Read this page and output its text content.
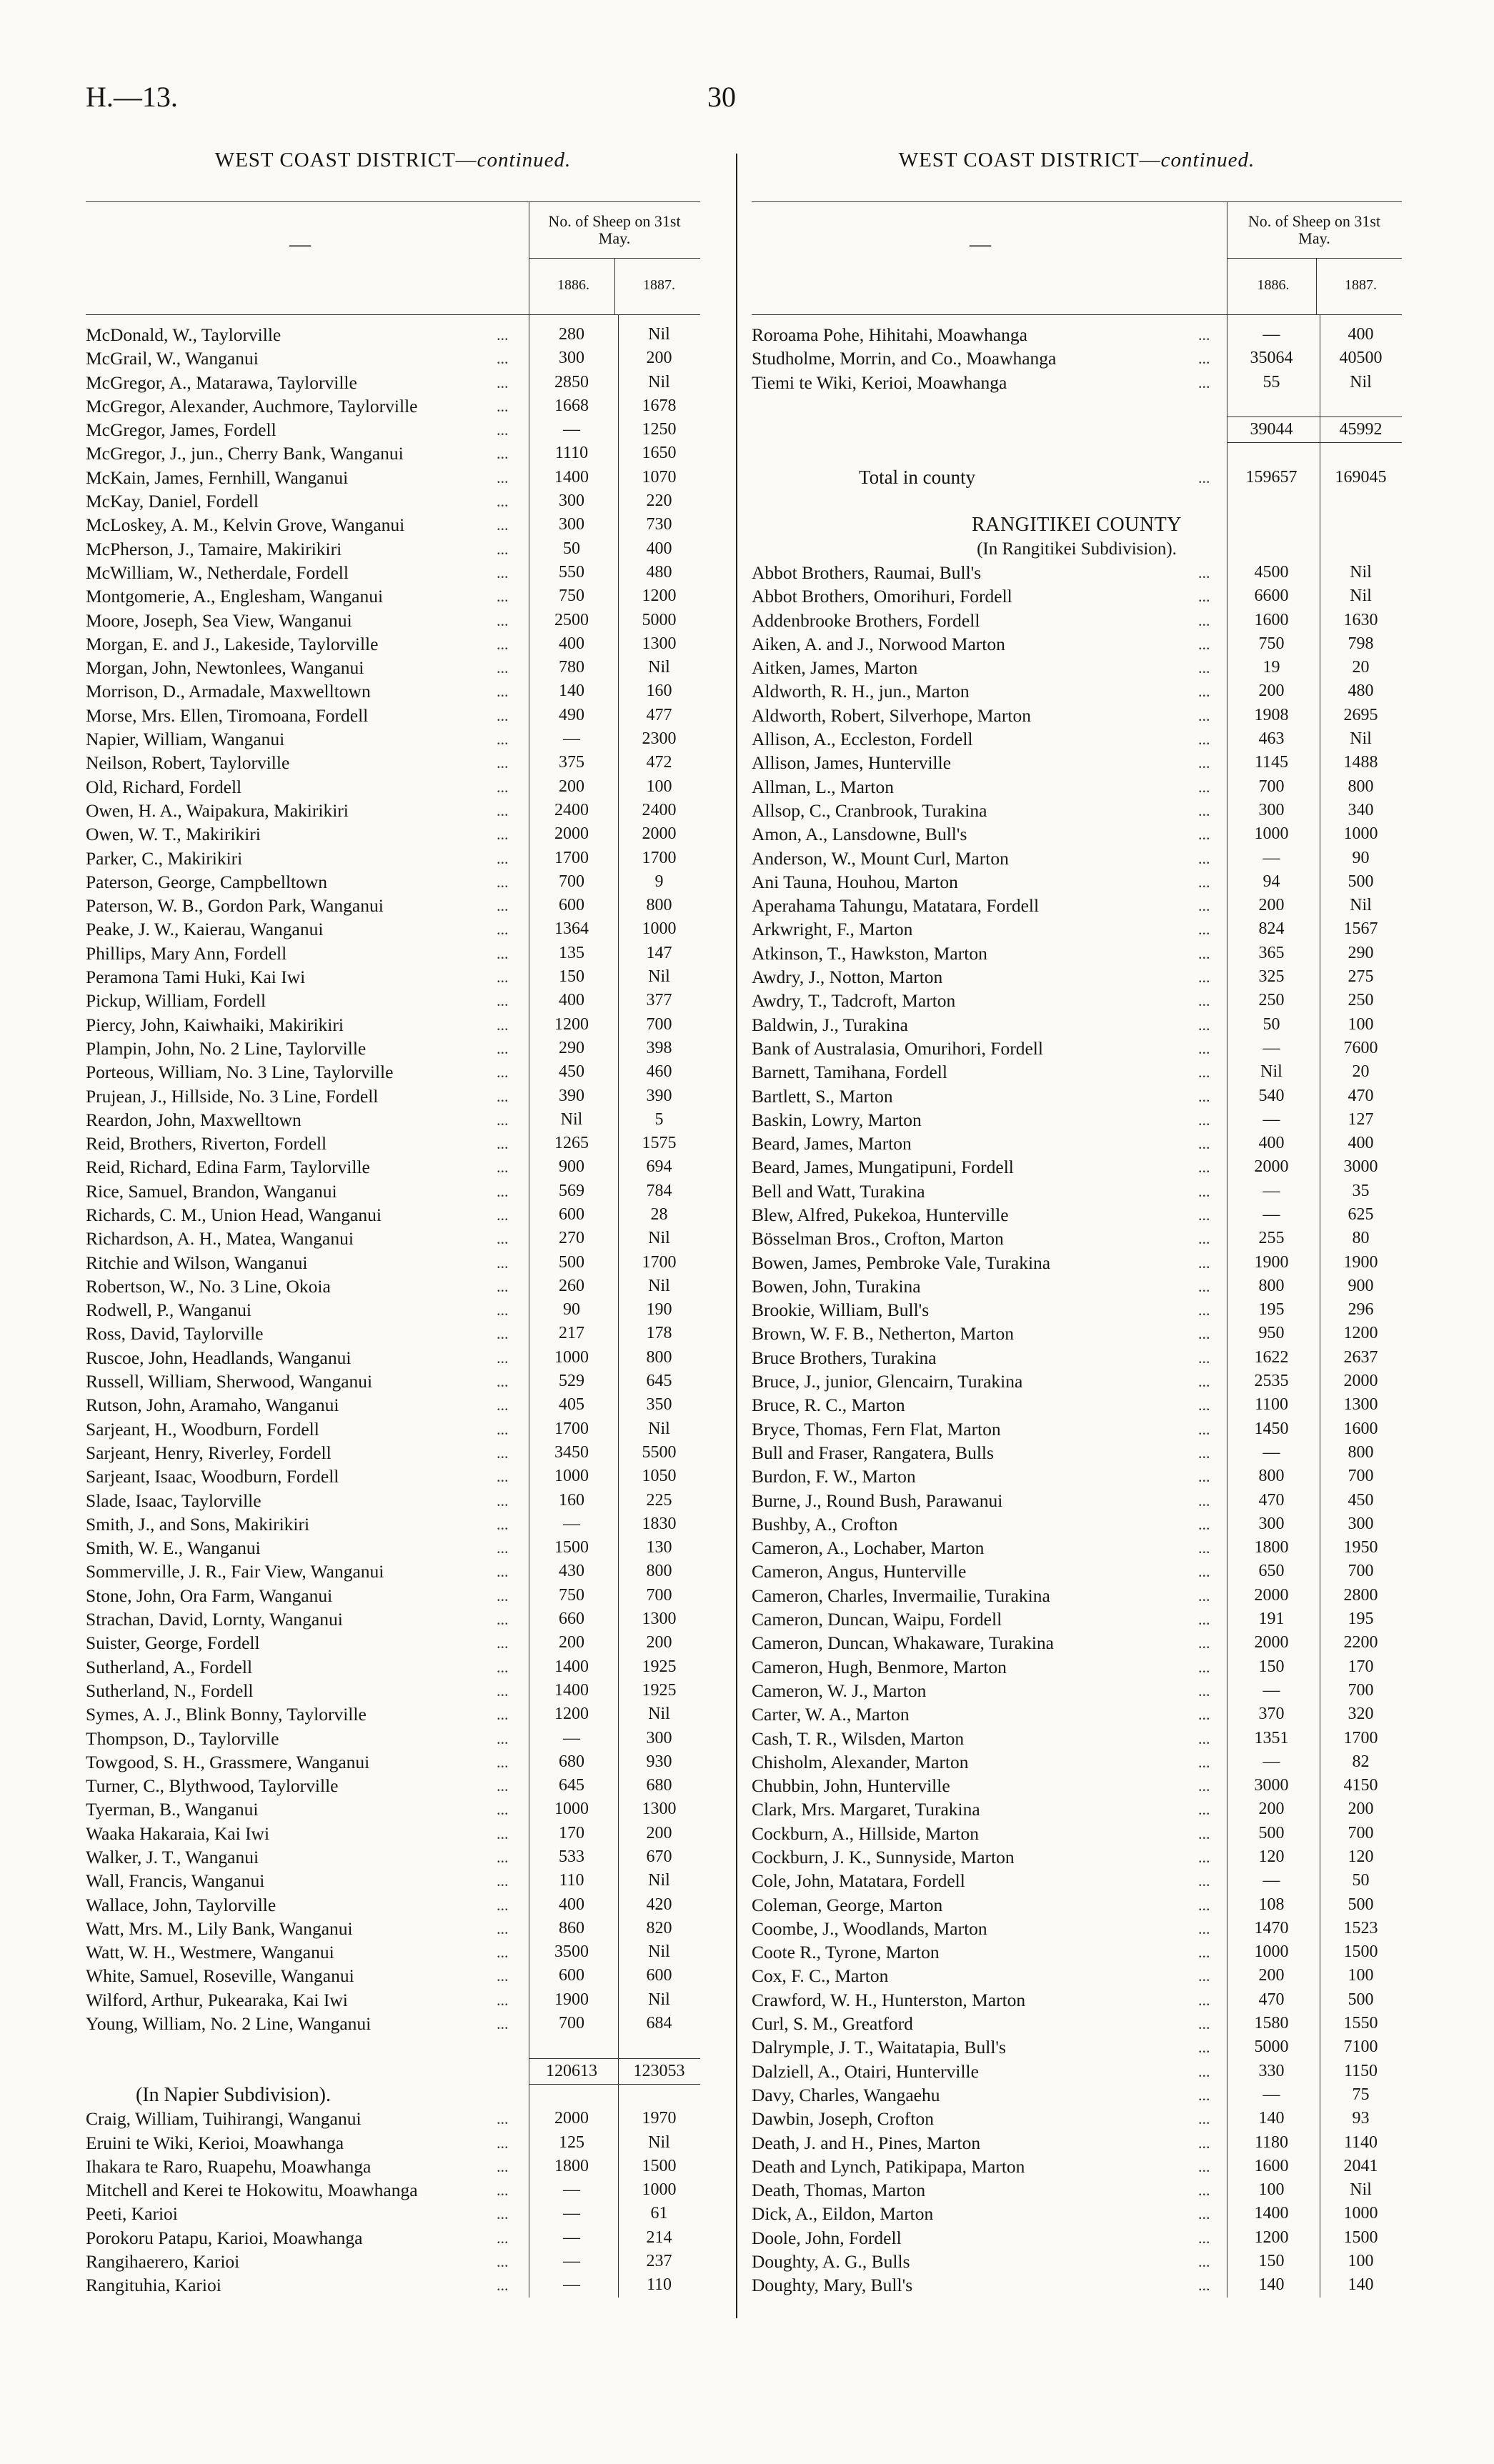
H.—13.	30
WEST COAST DISTRICT—continued.
—
No. of Sheep on 31st May.
1886.	1887.
McDonald, W., Taylorville	...	280	Nil
McGrail, W., Wanganui	...	300	200
McGregor, A., Matarawa, Taylorville	...	2850	Nil
McGregor, Alexander, Auchmore, Taylorville	...	1668	1678
McGregor, James, Fordell	...	—	1250
McGregor, J., jun., Cherry Bank, Wanganui	...	1110	1650
McKain, James, Fernhill, Wanganui	...	1400	1070
McKay, Daniel, Fordell	...	300	220
McLoskey, A. M., Kelvin Grove, Wanganui	...	300	730
McPherson, J., Tamaire, Makirikiri	...	50	400
McWilliam, W., Netherdale, Fordell	...	550	480
Montgomerie, A., Englesham, Wanganui	...	750	1200
Moore, Joseph, Sea View, Wanganui	...	2500	5000
Morgan, E. and J., Lakeside, Taylorville	...	400	1300
Morgan, John, Newtonlees, Wanganui	...	780	Nil
Morrison, D., Armadale, Maxwelltown	...	140	160
Morse, Mrs. Ellen, Tiromoana, Fordell	...	490	477
Napier, William, Wanganui	...	—	2300
Neilson, Robert, Taylorville	...	375	472
Old, Richard, Fordell	...	200	100
Owen, H. A., Waipakura, Makirikiri	...	2400	2400
Owen, W. T., Makirikiri	...	2000	2000
Parker, C., Makirikiri	...	1700	1700
Paterson, George, Campbelltown	...	700	9
Paterson, W. B., Gordon Park, Wanganui	...	600	800
Peake, J. W., Kaierau, Wanganui	...	1364	1000
Phillips, Mary Ann, Fordell	...	135	147
Peramona Tami Huki, Kai Iwi	...	150	Nil
Pickup, William, Fordell	...	400	377
Piercy, John, Kaiwhaiki, Makirikiri	...	1200	700
Plampin, John, No. 2 Line, Taylorville	...	290	398
Porteous, William, No. 3 Line, Taylorville	...	450	460
Prujean, J., Hillside, No. 3 Line, Fordell	...	390	390
Reardon, John, Maxwelltown	...	Nil	5
Reid, Brothers, Riverton, Fordell	...	1265	1575
Reid, Richard, Edina Farm, Taylorville	...	900	694
Rice, Samuel, Brandon, Wanganui	...	569	784
Richards, C. M., Union Head, Wanganui	...	600	28
Richardson, A. H., Matea, Wanganui	...	270	Nil
Ritchie and Wilson, Wanganui	...	500	1700
Robertson, W., No. 3 Line, Okoia	...	260	Nil
Rodwell, P., Wanganui	...	90	190
Ross, David, Taylorville	...	217	178
Ruscoe, John, Headlands, Wanganui	...	1000	800
Russell, William, Sherwood, Wanganui	...	529	645
Rutson, John, Aramaho, Wanganui	...	405	350
Sarjeant, H., Woodburn, Fordell	...	1700	Nil
Sarjeant, Henry, Riverley, Fordell	...	3450	5500
Sarjeant, Isaac, Woodburn, Fordell	...	1000	1050
Slade, Isaac, Taylorville	...	160	225
Smith, J., and Sons, Makirikiri	...	—	1830
Smith, W. E., Wanganui	...	1500	130
Sommerville, J. R., Fair View, Wanganui	...	430	800
Stone, John, Ora Farm, Wanganui	...	750	700
Strachan, David, Lornty, Wanganui	...	660	1300
Suister, George, Fordell	...	200	200
Sutherland, A., Fordell	...	1400	1925
Sutherland, N., Fordell	...	1400	1925
Symes, A. J., Blink Bonny, Taylorville	...	1200	Nil
Thompson, D., Taylorville	...	—	300
Towgood, S. H., Grassmere, Wanganui	...	680	930
Turner, C., Blythwood, Taylorville	...	645	680
Tyerman, B., Wanganui	...	1000	1300
Waaka Hakaraia, Kai Iwi	...	170	200
Walker, J. T., Wanganui	...	533	670
Wall, Francis, Wanganui	...	110	Nil
Wallace, John, Taylorville	...	400	420
Watt, Mrs. M., Lily Bank, Wanganui	...	860	820
Watt, W. H., Westmere, Wanganui	...	3500	Nil
White, Samuel, Roseville, Wanganui	...	600	600
Wilford, Arthur, Pukearaka, Kai Iwi	...	1900	Nil
Young, William, No. 2 Line, Wanganui	...	700	684
120613	123053
(In Napier Subdivision).
Craig, William, Tuihirangi, Wanganui	...	2000	1970
Eruini te Wiki, Kerioi, Moawhanga	...	125	Nil
Ihakara te Raro, Ruapehu, Moawhanga	...	1800	1500
Mitchell and Kerei te Hokowitu, Moawhanga	...	—	1000
Peeti, Karioi	...	—	61
Porokoru Patapu, Karioi, Moawhanga	...	—	214
Rangihaerero, Karioi	...	—	237
Rangituhia, Karioi	...	—	110
WEST COAST DISTRICT—continued.
—
No. of Sheep on 31st May.
1886.	1887.
Roroama Pohe, Hihitahi, Moawhanga	...	—	400
Studholme, Morrin, and Co., Moawhanga	...	35064	40500
Tiemi te Wiki, Kerioi, Moawhanga	...	55	Nil
39044	45992
Total in county	...	159657	169045
RANGITIKEI COUNTY
(In Rangitikei Subdivision).
Abbot Brothers, Raumai, Bull's	...	4500	Nil
Abbot Brothers, Omorihuri, Fordell	...	6600	Nil
Addenbrooke Brothers, Fordell	...	1600	1630
Aiken, A. and J., Norwood Marton	...	750	798
Aitken, James, Marton	...	19	20
Aldworth, R. H., jun., Marton	...	200	480
Aldworth, Robert, Silverhope, Marton	...	1908	2695
Allison, A., Eccleston, Fordell	...	463	Nil
Allison, James, Hunterville	...	1145	1488
Allman, L., Marton	...	700	800
Allsop, C., Cranbrook, Turakina	...	300	340
Amon, A., Lansdowne, Bull's	...	1000	1000
Anderson, W., Mount Curl, Marton	...	—	90
Ani Tauna, Houhou, Marton	...	94	500
Aperahama Tahungu, Matatara, Fordell	...	200	Nil
Arkwright, F., Marton	...	824	1567
Atkinson, T., Hawkston, Marton	...	365	290
Awdry, J., Notton, Marton	...	325	275
Awdry, T., Tadcroft, Marton	...	250	250
Baldwin, J., Turakina	...	50	100
Bank of Australasia, Omurihori, Fordell	...	—	7600
Barnett, Tamihana, Fordell	...	Nil	20
Bartlett, S., Marton	...	540	470
Baskin, Lowry, Marton	...	—	127
Beard, James, Marton	...	400	400
Beard, James, Mungatipuni, Fordell	...	2000	3000
Bell and Watt, Turakina	...	—	35
Blew, Alfred, Pukekoa, Hunterville	...	—	625
Bösselman Bros., Crofton, Marton	...	255	80
Bowen, James, Pembroke Vale, Turakina	...	1900	1900
Bowen, John, Turakina	...	800	900
Brookie, William, Bull's	...	195	296
Brown, W. F. B., Netherton, Marton	...	950	1200
Bruce Brothers, Turakina	...	1622	2637
Bruce, J., junior, Glencairn, Turakina	...	2535	2000
Bruce, R. C., Marton	...	1100	1300
Bryce, Thomas, Fern Flat, Marton	...	1450	1600
Bull and Fraser, Rangatera, Bulls	...	—	800
Burdon, F. W., Marton	...	800	700
Burne, J., Round Bush, Parawanui	...	470	450
Bushby, A., Crofton	...	300	300
Cameron, A., Lochaber, Marton	...	1800	1950
Cameron, Angus, Hunterville	...	650	700
Cameron, Charles, Invermailie, Turakina	...	2000	2800
Cameron, Duncan, Waipu, Fordell	...	191	195
Cameron, Duncan, Whakaware, Turakina	...	2000	2200
Cameron, Hugh, Benmore, Marton	...	150	170
Cameron, W. J., Marton	...	—	700
Carter, W. A., Marton	...	370	320
Cash, T. R., Wilsden, Marton	...	1351	1700
Chisholm, Alexander, Marton	...	—	82
Chubbin, John, Hunterville	...	3000	4150
Clark, Mrs. Margaret, Turakina	...	200	200
Cockburn, A., Hillside, Marton	...	500	700
Cockburn, J. K., Sunnyside, Marton	...	120	120
Cole, John, Matatara, Fordell	...	—	50
Coleman, George, Marton	...	108	500
Coombe, J., Woodlands, Marton	...	1470	1523
Coote R., Tyrone, Marton	...	1000	1500
Cox, F. C., Marton	...	200	100
Crawford, W. H., Hunterston, Marton	...	470	500
Curl, S. M., Greatford	...	1580	1550
Dalrymple, J. T., Waitatapia, Bull's	...	5000	7100
Dalziell, A., Otairi, Hunterville	...	330	1150
Davy, Charles, Wangaehu	...	—	75
Dawbin, Joseph, Crofton	...	140	93
Death, J. and H., Pines, Marton	...	1180	1140
Death and Lynch, Patikipapa, Marton	...	1600	2041
Death, Thomas, Marton	...	100	Nil
Dick, A., Eildon, Marton	...	1400	1000
Doole, John, Fordell	...	1200	1500
Doughty, A. G., Bulls	...	150	100
Doughty, Mary, Bull's	...	140	140
